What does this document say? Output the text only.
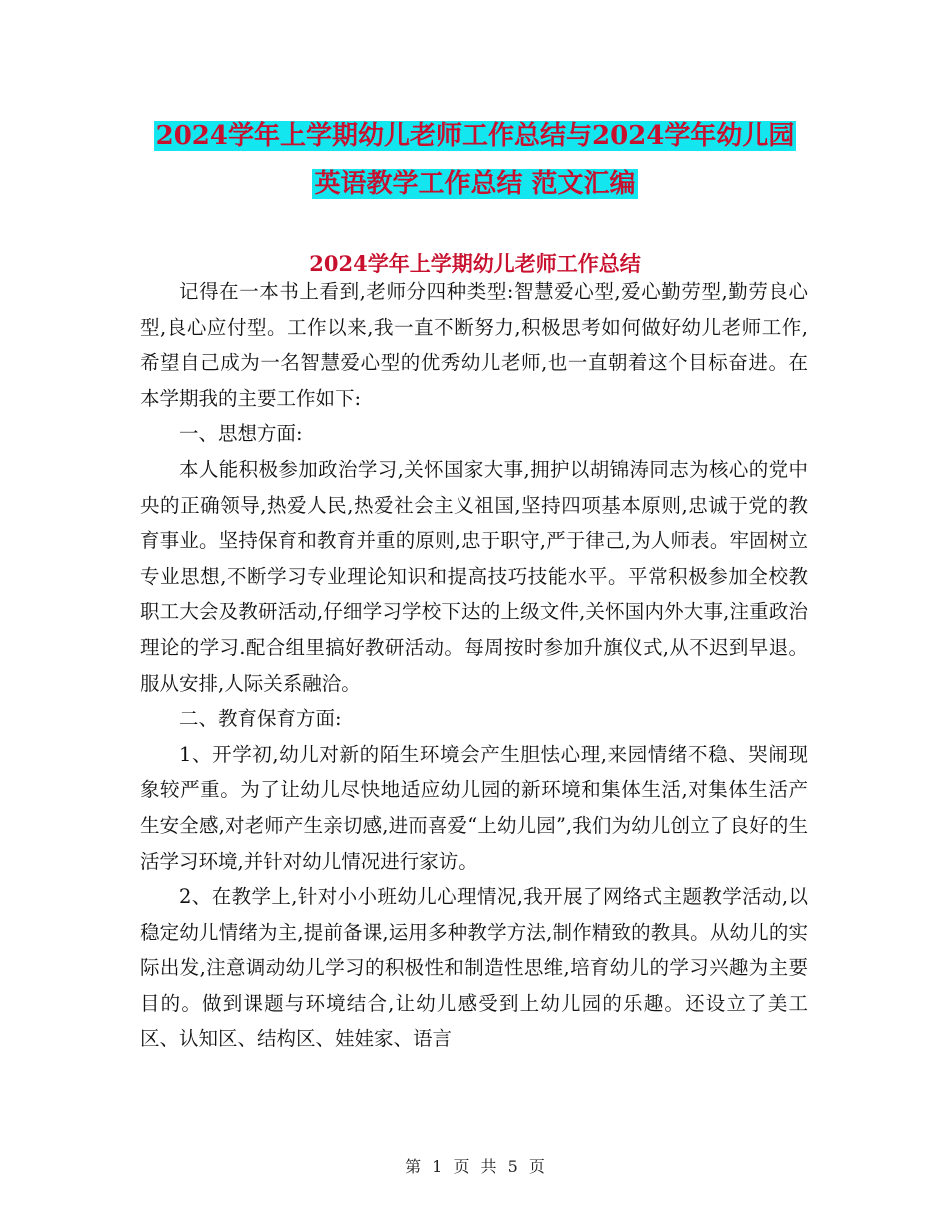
2024学年上学期幼儿老师工作总结与2024学年幼儿园
英语教学工作总结 范文汇编
2024学年上学期幼儿老师工作总结

记得在一本书上看到,老师分四种类型:智慧爱心型,爱心勤劳型,勤劳良心型,良心应付型。工作以来,我一直不断努力,积极思考如何做好幼儿老师工作,希望自己成为一名智慧爱心型的优秀幼儿老师,也一直朝着这个目标奋进。在本学期我的主要工作如下:

一、思想方面:

本人能积极参加政治学习,关怀国家大事,拥护以胡锦涛同志为核心的党中央的正确领导,热爱人民,热爱社会主义祖国,坚持四项基本原则,忠诚于党的教育事业。坚持保育和教育并重的原则,忠于职守,严于律己,为人师表。牢固树立专业思想,不断学习专业理论知识和提高技巧技能水平。平常积极参加全校教职工大会及教研活动,仔细学习学校下达的上级文件,关怀国内外大事,注重政治理论的学习.配合组里搞好教研活动。每周按时参加升旗仪式,从不迟到早退。服从安排,人际关系融洽。

二、教育保育方面:

1、开学初,幼儿对新的陌生环境会产生胆怯心理,来园情绪不稳、哭闹现象较严重。为了让幼儿尽快地适应幼儿园的新环境和集体生活,对集体生活产生安全感,对老师产生亲切感,进而喜爱“上幼儿园”,我们为幼儿创立了良好的生活学习环境,并针对幼儿情况进行家访。

2、在教学上,针对小小班幼儿心理情况,我开展了网络式主题教学活动,以稳定幼儿情绪为主,提前备课,运用多种教学方法,制作精致的教具。从幼儿的实际出发,注意调动幼儿学习的积极性和制造性思维,培育幼儿的学习兴趣为主要目的。做到课题与环境结合,让幼儿感受到上幼儿园的乐趣。还设立了美工区、认知区、结构区、娃娃家、语言

第 1 页 共 5 页
